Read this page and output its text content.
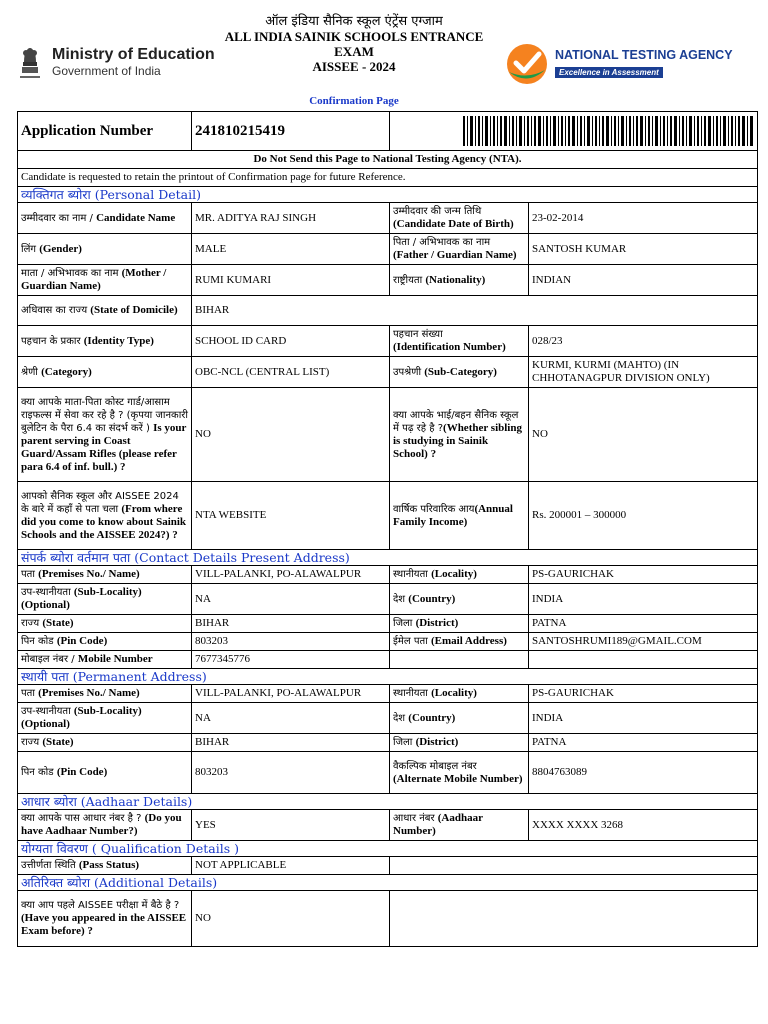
Ministry of Education
Government of India
ऑल इंडिया सैनिक स्कूल एंट्रेंस एग्जाम
ALL INDIA SAINIK SCHOOLS ENTRANCE
EXAM
AISSEE - 2024
NATIONAL TESTING AGENCY
Excellence in Assessment
Confirmation Page
Application Number	241810215419	

Do Not Send this Page to National Testing Agency (NTA).			
Candidate is requested to retain the printout of Confirmation page for future Reference.			
व्यक्तिगत ब्योरा (Personal Detail)			
उम्मीदवार का नाम / Candidate Name	MR. ADITYA RAJ SINGH	उम्मीदवार की जन्म तिथि
(Candidate Date of Birth)	23-02-2014
लिंग (Gender)	MALE	पिता / अभिभावक का नाम
(Father / Guardian Name)	SANTOSH KUMAR
माता / अभिभावक का नाम (Mother / Guardian Name)	RUMI KUMARI	राष्ट्रीयता (Nationality)	INDIAN
अधिवास का राज्य (State of Domicile)	BIHAR		
पहचान के प्रकार (Identity Type)	SCHOOL ID CARD	पहचान संख्या
(Identification Number)	028/23
श्रेणी (Category)	OBC-NCL (CENTRAL LIST)	उपश्रेणी (Sub-Category)	KURMI, KURMI (MAHTO) (IN CHHOTANAGPUR DIVISION ONLY)
क्या आपके माता-पिता कोस्ट गार्ड/आसाम राइफल्स में सेवा कर रहे है ? (कृपया जानकारी बुलेटिन के पैरा 6.4 का संदर्भ करें ) Is your parent serving in Coast Guard/Assam Rifles (please refer para 6.4 of inf. bull.) ?	NO	क्या आपके भाई/बहन सैनिक स्कूल में पढ़ रहे है ?(Whether sibling is studying in Sainik School) ?	NO
आपको सैनिक स्कूल और AISSEE 2024 के बारे में कहाँ से पता चला (From where did you come to know about Sainik Schools and the AISSEE 2024?) ?	NTA WEBSITE	वार्षिक परिवारिक आय(Annual Family Income)	Rs. 200001 – 300000
संपर्क ब्योरा वर्तमान पता (Contact Details Present Address)			
पता (Premises No./ Name)	VILL-PALANKI, PO-ALAWALPUR	स्थानीयता (Locality)	PS-GAURICHAK
उप-स्थानीयता (Sub-Locality)(Optional)	NA	देश (Country)	INDIA
राज्य (State)	BIHAR	जिला (District)	PATNA
पिन कोड (Pin Code)	803203	ईमेल पता (Email Address)	SANTOSHRUMI189@GMAIL.COM
मोबाइल नंबर / Mobile Number	7677345776		
स्थायी पता (Permanent Address)			
पता (Premises No./ Name)	VILL-PALANKI, PO-ALAWALPUR	स्थानीयता (Locality)	PS-GAURICHAK
उप-स्थानीयता (Sub-Locality)(Optional)	NA	देश (Country)	INDIA
राज्य (State)	BIHAR	जिला (District)	PATNA
पिन कोड (Pin Code)	803203	वैकल्पिक मोबाइल नंबर
(Alternate Mobile Number)	8804763089
आधार ब्योरा (Aadhaar Details)			
क्या आपके पास आधार नंबर है ? (Do you have Aadhaar Number?)	YES	आधार नंबर (Aadhaar Number)	XXXX XXXX 3268
योग्यता विवरण ( Qualification Details )			
उत्तीर्णता स्थिति (Pass Status)	NOT APPLICABLE		
अतिरिक्त ब्योरा (Additional Details)			
क्या आप पहले AISSEE परीक्षा में बैठे है ?(Have you appeared in the AISSEE Exam before) ?	NO		
